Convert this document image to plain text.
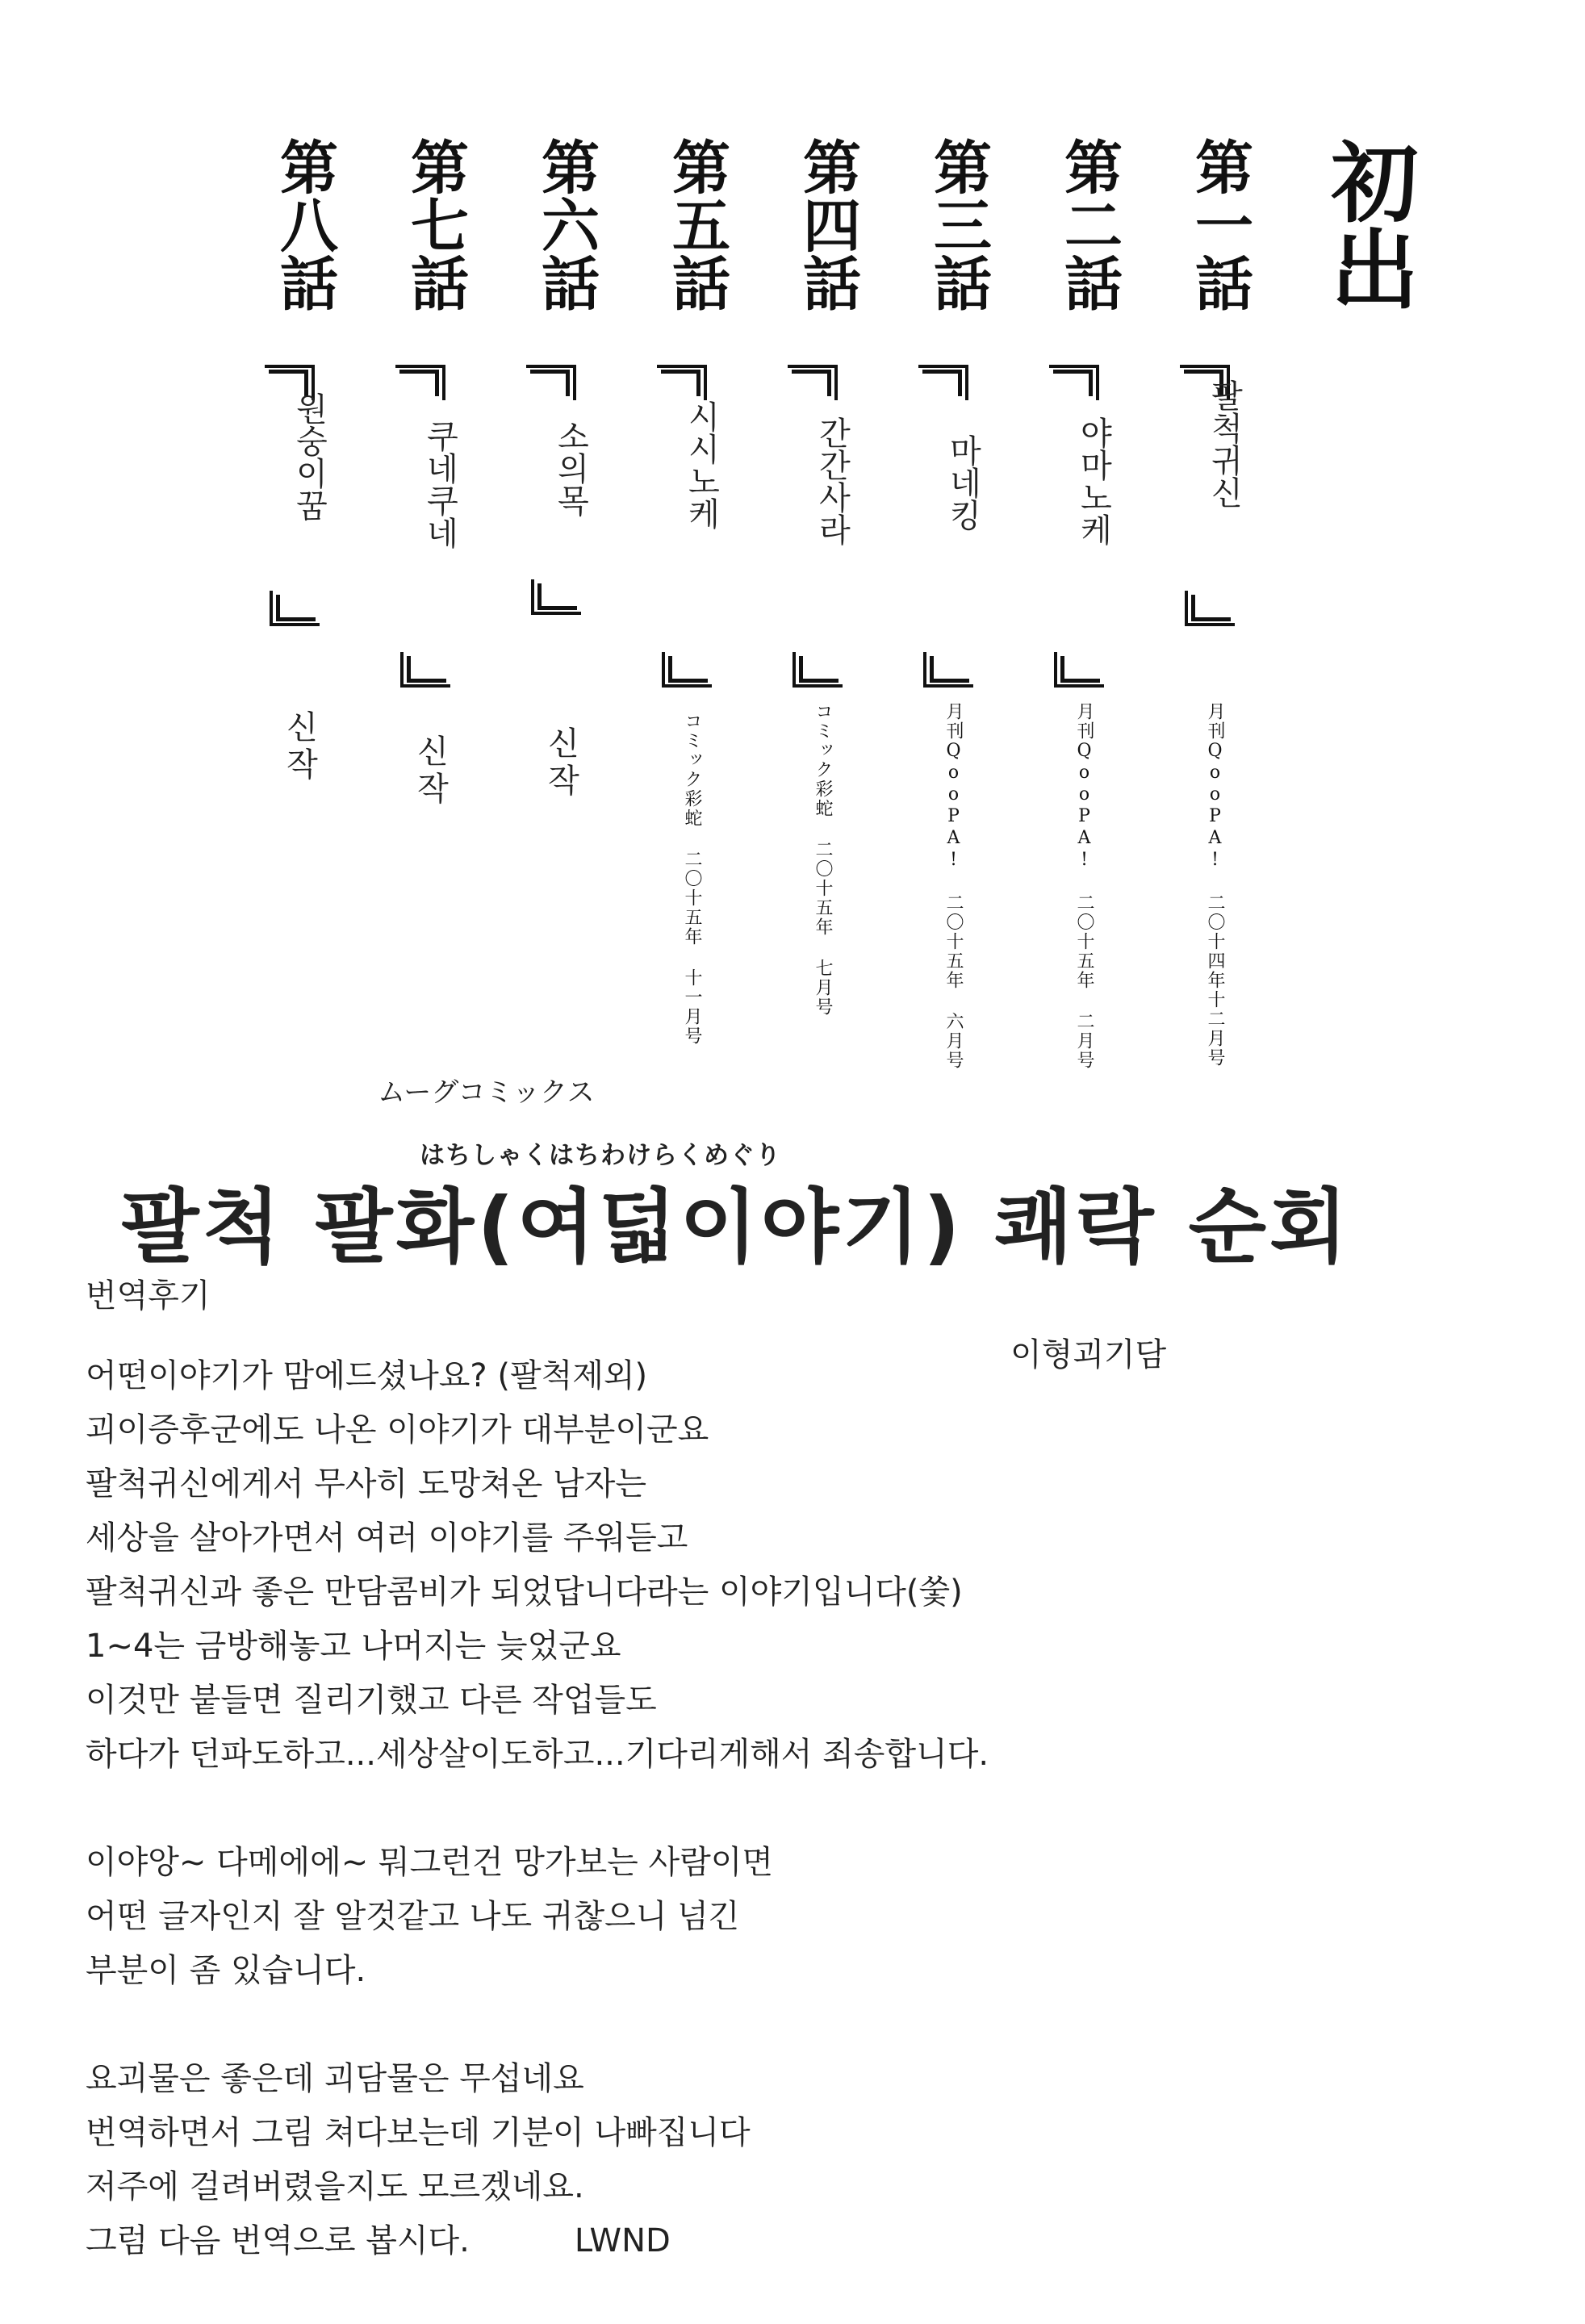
初出
第一話
팔척귀신
月刊QooPA! 二〇十四年十二月号
第二話
야마노케
月刊QooPA! 二〇十五年 二月号
第三話
마네킹
月刊QooPA! 二〇十五年 六月号
第四話
간간사라
コミック彩蛇 二〇十五年 七月号
第五話
시시노케
コミック彩蛇 二〇十五年 十一月号
第六話
소의목
신작
第七話
쿠네쿠네
신작
第八話
원숭이꿈
신작
ムーグコミックス
はちしゃくはちわけらくめぐり
팔척 팔화(여덟이야기) 쾌락 순회
번역후기
이형괴기담
어떤이야기가 맘에드셨나요? (팔척제외)
괴이증후군에도 나온 이야기가 대부분이군요
팔척귀신에게서 무사히 도망쳐온 남자는
세상을 살아가면서 여러 이야기를 주워듣고
팔척귀신과 좋은 만담콤비가 되었답니다라는 이야기입니다(쑻)
1~4는 금방해놓고 나머지는 늦었군요
이것만 붙들면 질리기했고 다른 작업들도
하다가 던파도하고...세상살이도하고...기다리게해서 죄송합니다.
이야앙~ 다메에에~ 뭐그런건 망가보는 사람이면
어떤 글자인지 잘 알것같고 나도 귀찮으니 넘긴
부분이 좀 있습니다.
요괴물은 좋은데 괴담물은 무섭네요
번역하면서 그림 쳐다보는데 기분이 나빠집니다
저주에 걸려버렸을지도 모르겠네요.
그럼 다음 번역으로 봅시다.	LWND
